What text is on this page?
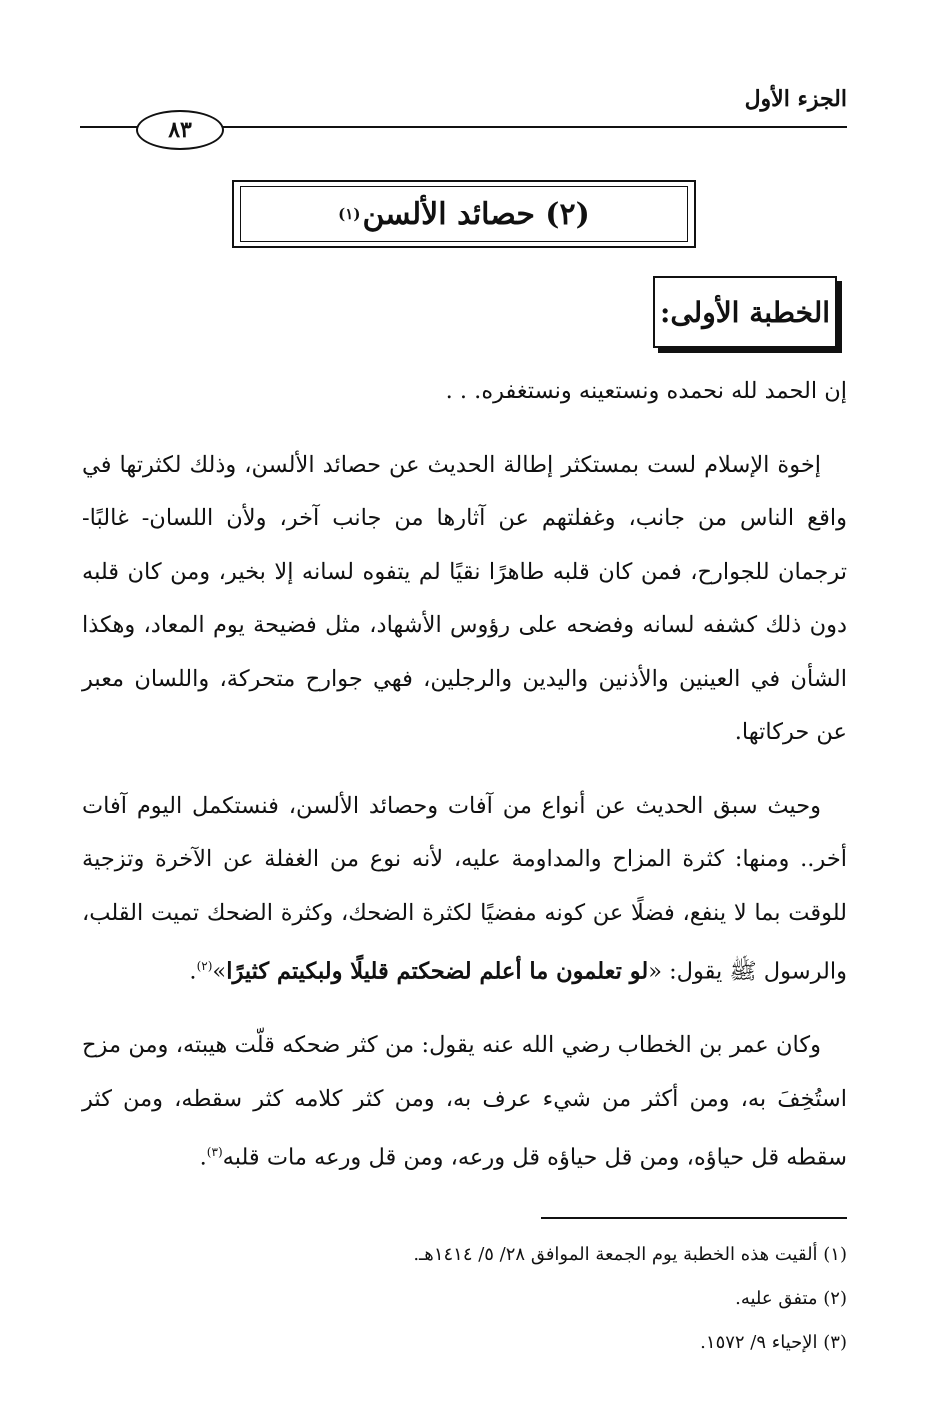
الجزء الأول
٨٣
(٢) حصائد الألسن
(١)
الخطبة الأولى:

إن الحمد لله نحمده ونستعينه ونستغفره. . .

إخوة الإسلام لست بمستكثر إطالة الحديث عن حصائد الألسن، وذلك لكثرتها في واقع الناس من جانب، وغفلتهم عن آثارها من جانب آخر، ولأن اللسان- غالبًا- ترجمان للجوارح، فمن كان قلبه طاهرًا نقيًا لم يتفوه لسانه إلا بخير، ومن كان قلبه دون ذلك كشفه لسانه وفضحه على رؤوس الأشهاد، مثل فضيحة يوم المعاد، وهكذا الشأن في العينين والأذنين واليدين والرجلين، فهي جوارح متحركة، واللسان معبر عن حركاتها.

وحيث سبق الحديث عن أنواع من آفات وحصائد الألسن، فنستكمل اليوم آفات أخر.. ومنها: كثرة المزاح والمداومة عليه، لأنه نوع من الغفلة عن الآخرة وتزجية للوقت بما لا ينفع، فضلًا عن كونه مفضيًا لكثرة الضحك، وكثرة الضحك تميت القلب، والرسول ﷺ يقول: «لو تعلمون ما أعلم لضحكتم قليلًا ولبكيتم كثيرًا»$^{(٢)}$.

وكان عمر بن الخطاب رضي الله عنه يقول: من كثر ضحكه قلّت هيبته، ومن مزح استُخِفَ به، ومن أكثر من شيء عرف به، ومن كثر كلامه كثر سقطه، ومن كثر سقطه قل حياؤه، ومن قل حياؤه قل ورعه، ومن قل ورعه مات قلبه$^{(٣)}$.

(١) ألقيت هذه الخطبة يوم الجمعة الموافق ٢٨/ ٥/ ١٤١٤هـ.
(٢) متفق عليه.
(٣) الإحياء ٩/ ١٥٧٢.
